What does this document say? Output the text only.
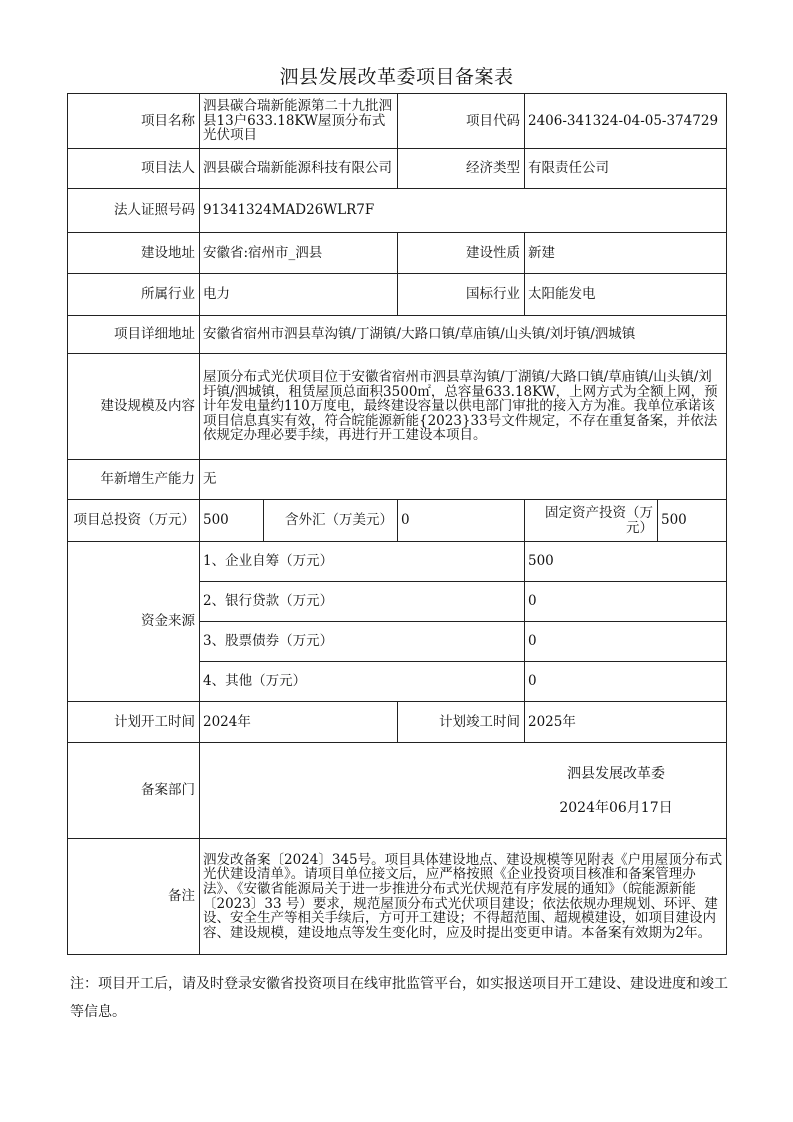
泗县发展改革委项目备案表
项目名称	泗县碳合瑞新能源第二十九批泗县13户633.18KW屋顶分布式光伏项目		项目代码	2406-341324-04-05-374729	
项目法人	泗县碳合瑞新能源科技有限公司		经济类型	有限责任公司	
法人证照号码	91341324MAD26WLR7F				
建设地址	安徽省:宿州市_泗县		建设性质	新建	
所属行业	电力		国标行业	太阳能发电	
项目详细地址	安徽省宿州市泗县草沟镇/丁湖镇/大路口镇/草庙镇/山头镇/刘圩镇/泗城镇				
建设规模及内容	屋顶分布式光伏项目位于安徽省宿州市泗县草沟镇/丁湖镇/大路口镇/草庙镇/山头镇/刘圩镇/泗城镇，租赁屋顶总面积3500㎡，总容量633.18KW，上网方式为全额上网，预计年发电量约110万度电，最终建设容量以供电部门审批的接入方为准。我单位承诺该项目信息真实有效，符合皖能源新能{2023}33号文件规定，不存在重复备案，并依法依规定办理必要手续，再进行开工建设本项目。				
年新增生产能力	无				
项目总投资（万元）	500	含外汇（万美元）	0	固定资产投资（万元）	500
资金来源	1、企业自筹（万元）			500	
	2、银行贷款（万元）			0	
	3、股票债券（万元）			0	
	4、其他（万元）			0	
计划开工时间	2024年		计划竣工时间	2025年	
备案部门	泗县发展改革委
2024年06月17日				

备注	泗发改备案〔2024〕345号。项目具体建设地点、建设规模等见附表《户用屋顶分布式光伏建设清单》。请项目单位接文后，应严格按照《企业投资项目核准和备案管理办法》、《安徽省能源局关于进一步推进分布式光伏规范有序发展的通知》（皖能源新能〔2023〕33 号）要求，规范屋顶分布式光伏项目建设；依法依规办理规划、环评、建设、安全生产等相关手续后，方可开工建设；不得超范围、超规模建设，如项目建设内容、建设规模，建设地点等发生变化时，应及时提出变更申请。本备案有效期为2年。				
注：项目开工后，请及时登录安徽省投资项目在线审批监管平台，如实报送项目开工建设、建设进度和竣工等信息。
